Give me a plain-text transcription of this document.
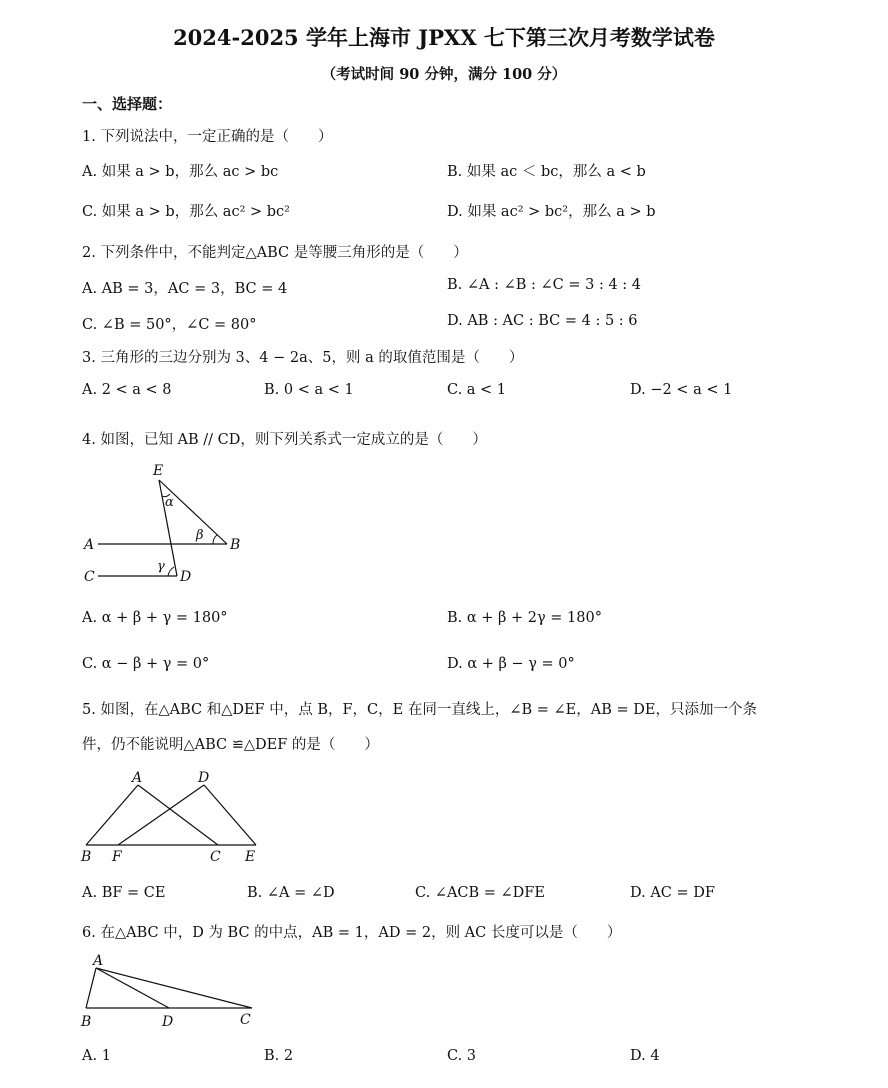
2024-2025 学年上海市 JPXX 七下第三次月考数学试卷
（考试时间 90 分钟，满分 100 分）
一、选择题：
1. 下列说法中，一定正确的是（　　）
A. 如果 a > b，那么 ac > bc	B. 如果 ac ＜ bc，那么 a < b
C. 如果 a > b，那么 ac² > bc²	D. 如果 ac² > bc²，那么 a > b
2. 下列条件中，不能判定△ABC 是等腰三角形的是（　　）
A. AB = 3，AC = 3，BC = 4	B. ∠A : ∠B : ∠C = 3 : 4 : 4
C. ∠B = 50°，∠C = 80°	D. AB : AC : BC = 4 : 5 : 6
3. 三角形的三边分别为 3、4 − 2a、5，则 a 的取值范围是（　　）
A. 2 < a < 8	B. 0 < a < 1	C. a < 1	D. −2 < a < 1
4. 如图，已知 AB // CD，则下列关系式一定成立的是（　　）
E
α
β
A	B
C
γ
D
A. α + β + γ = 180°	B. α + β + 2γ = 180°
C. α − β + γ = 0°	D. α + β − γ = 0°
5. 如图，在△ABC 和△DEF 中，点 B，F，C，E 在同一直线上，∠B = ∠E，AB = DE，只添加一个条
件，仍不能说明△ABC ≌△DEF 的是（　　）
A	D
B F	C E
A. BF = CE	B. ∠A = ∠D	C. ∠ACB = ∠DFE	D. AC = DF
6. 在△ABC 中，D 为 BC 的中点，AB = 1，AD = 2，则 AC 长度可以是（　　）
A
B	D	C
A. 1	B. 2	C. 3	D. 4
